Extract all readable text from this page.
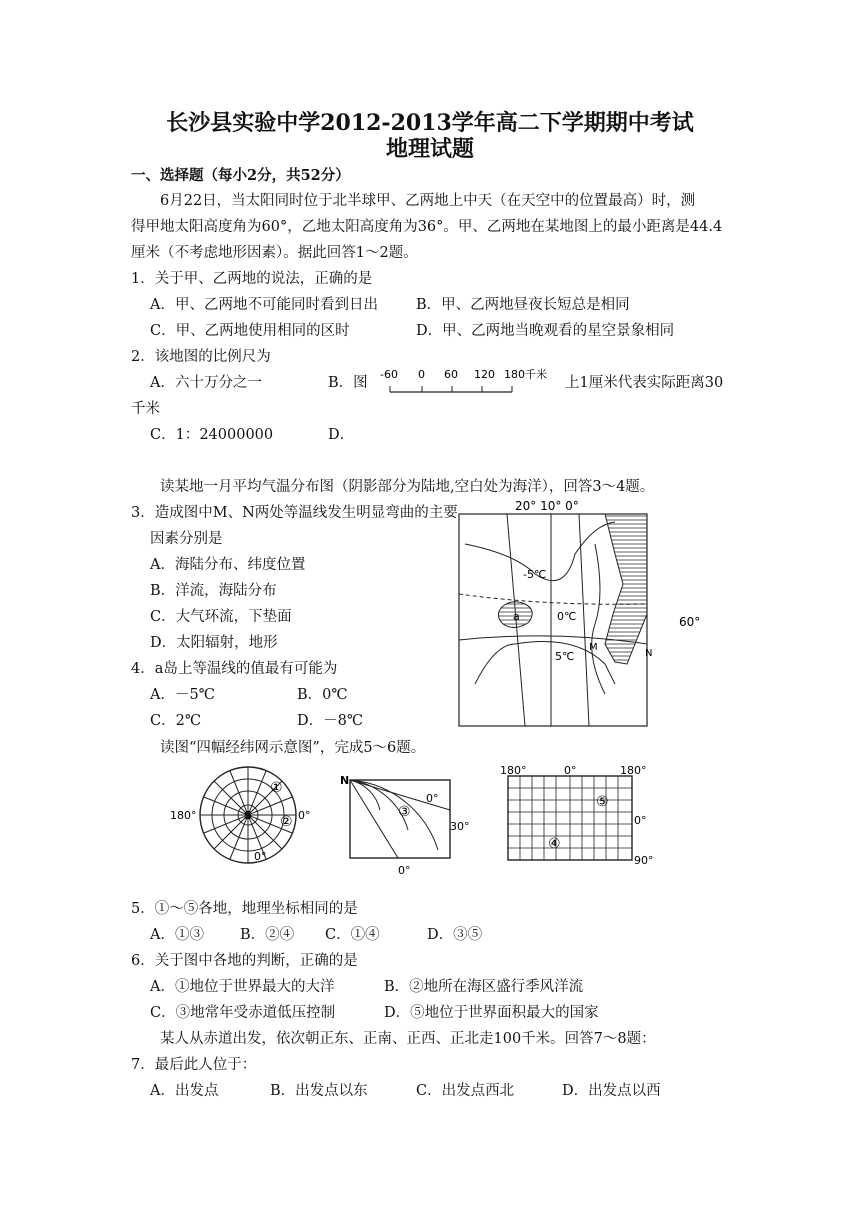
长沙县实验中学2012-2013学年高二下学期期中考试
地理试题
一、选择题（每小2分，共52分）
6月22日，当太阳同时位于北半球甲、乙两地上中天（在天空中的位置最高）时，测
得甲地太阳高度角为60°，乙地太阳高度角为36°。甲、乙两地在某地图上的最小距离是44.4
厘米（不考虑地形因素）。据此回答1～2题。
1．关于甲、乙两地的说法，正确的是
A．甲、乙两地不可能同时看到日出	B．甲、乙两地昼夜长短总是相同
C．甲、乙两地使用相同的区时	D．甲、乙两地当晚观看的星空景象相同
2．该地图的比例尺为
A．六十万分之一	B．图
-60 0 60 120 180千米
上1厘米代表实际距离30
千米
C．1：24000000	D．
读某地一月平均气温分布图（阴影部分为陆地,空白处为海洋），回答3～4题。
3．造成图中M、N两处等温线发生明显弯曲的主要
因素分别是
A．海陆分布、纬度位置
B．洋流，海陆分布
C．大气环流，下垫面
D．太阳辐射，地形
20° 10° 0°
a
-5℃
0℃
5℃
M
N
60°
4．a岛上等温线的值最有可能为
A．－5℃	B．0℃
C．2℃	D．－8℃
读图“四幅经纬网示意图”，完成5～6题。
S
180°	0°
0°
①
②
N
0°
30°
0°
③
180°	0°	180°
0°
90°
⑤
④
5．①～⑤各地，地理坐标相同的是
A．①③ B．②④ C．①④	D．③⑤
6．关于图中各地的判断，正确的是
A．①地位于世界最大的大洋	B．②地所在海区盛行季风洋流
C．③地常年受赤道低压控制	D．⑤地位于世界面积最大的国家
某人从赤道出发，依次朝正东、正南、正西、正北走100千米。回答7～8题：
7．最后此人位于：
A．出发点	B．出发点以东	C．出发点西北	D．出发点以西
